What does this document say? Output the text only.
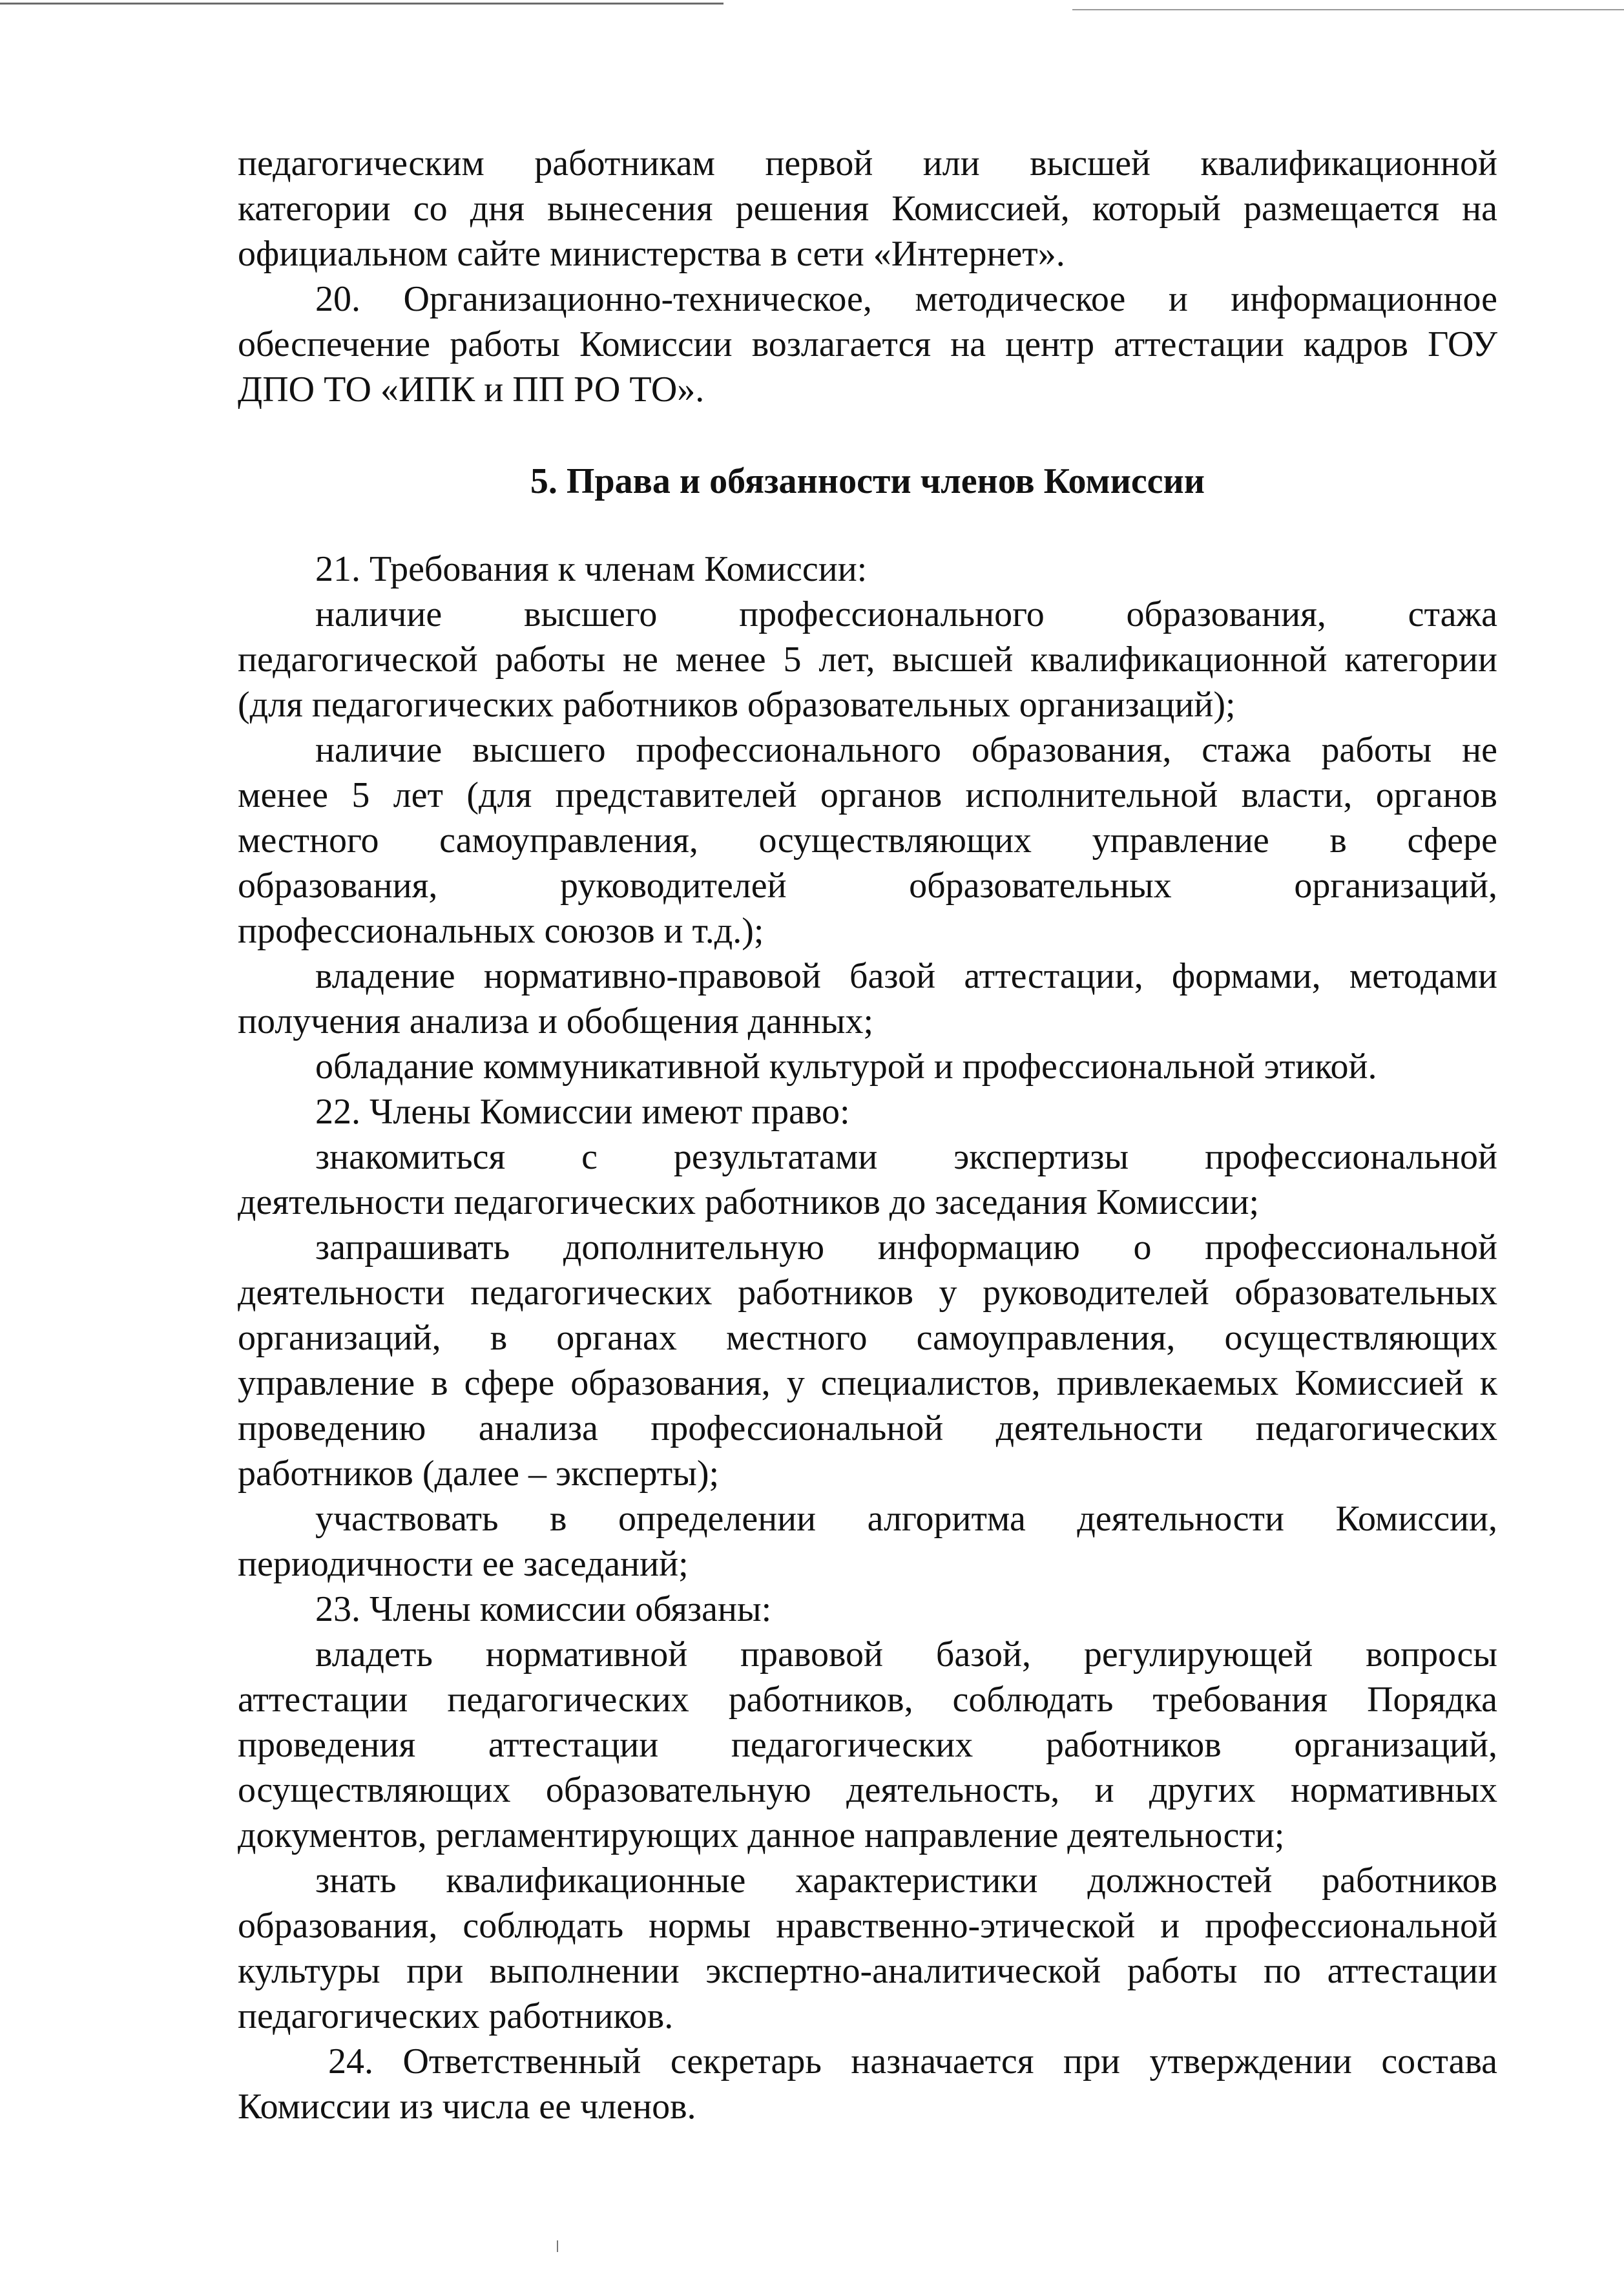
педагогическим работникам первой или высшей квалификационной
категории со дня вынесения решения Комиссией, который размещается на
официальном сайте министерства в сети «Интернет».
20. Организационно-техническое, методическое и информационное
обеспечение работы Комиссии возлагается на центр аттестации кадров ГОУ
ДПО ТО «ИПК и ПП РО ТО».
5. Права и обязанности членов Комиссии
21. Требования к членам Комиссии:
наличие высшего профессионального образования, стажа
педагогической работы не менее 5 лет, высшей квалификационной категории
(для педагогических работников образовательных организаций);
наличие высшего профессионального образования, стажа работы не
менее 5 лет (для представителей органов исполнительной власти, органов
местного самоуправления, осуществляющих управление в сфере
образования, руководителей образовательных организаций,
профессиональных союзов и т.д.);
владение нормативно-правовой базой аттестации, формами, методами
получения анализа и обобщения данных;
обладание коммуникативной культурой и профессиональной этикой.
22. Члены Комиссии имеют право:
знакомиться с результатами экспертизы профессиональной
деятельности педагогических работников до заседания Комиссии;
запрашивать дополнительную информацию о профессиональной
деятельности педагогических работников у руководителей образовательных
организаций, в органах местного самоуправления, осуществляющих
управление в сфере образования, у специалистов, привлекаемых Комиссией к
проведению анализа профессиональной деятельности педагогических
работников (далее – эксперты);
участвовать в определении алгоритма деятельности Комиссии,
периодичности ее заседаний;
23. Члены комиссии обязаны:
владеть нормативной правовой базой, регулирующей вопросы
аттестации педагогических работников, соблюдать требования Порядка
проведения аттестации педагогических работников организаций,
осуществляющих образовательную деятельность, и других нормативных
документов, регламентирующих данное направление деятельности;
знать квалификационные характеристики должностей работников
образования, соблюдать нормы нравственно-этической и профессиональной
культуры при выполнении экспертно-аналитической работы по аттестации
педагогических работников.
24. Ответственный секретарь назначается при утверждении состава
Комиссии из числа ее членов.
